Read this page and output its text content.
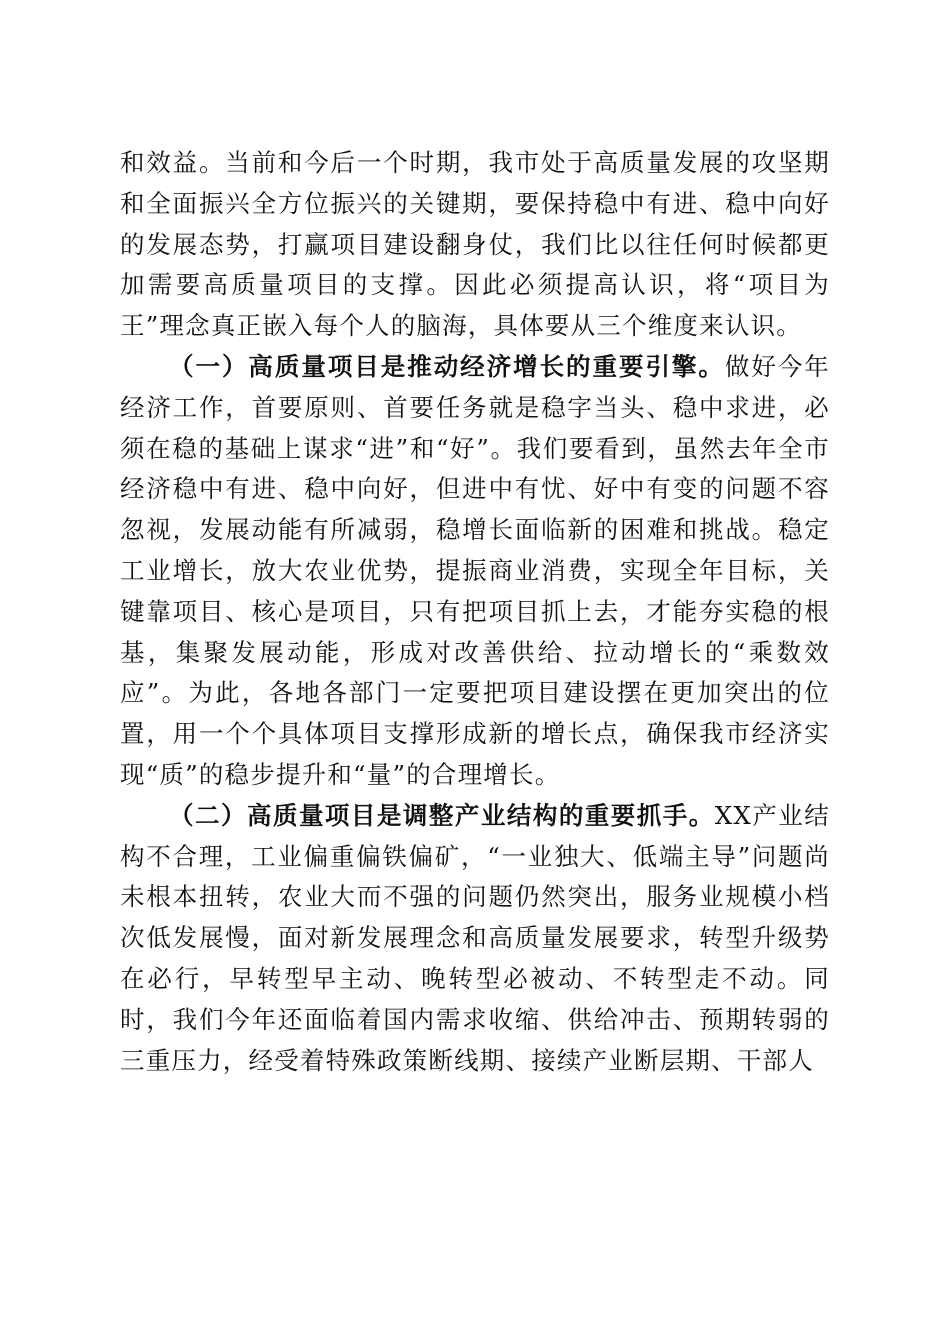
和效益。当前和今后一个时期，我市处于高质量发展的攻坚期和全面振兴全方位振兴的关键期，要保持稳中有进、稳中向好的发展态势，打赢项目建设翻身仗，我们比以往任何时候都更加需要高质量项目的支撑。因此必须提高认识，将“项目为王”理念真正嵌入每个人的脑海，具体要从三个维度来认识。

（一）高质量项目是推动经济增长的重要引擎。做好今年经济工作，首要原则、首要任务就是稳字当头、稳中求进，必须在稳的基础上谋求“进”和“好”。我们要看到，虽然去年全市经济稳中有进、稳中向好，但进中有忧、好中有变的问题不容忽视，发展动能有所减弱，稳增长面临新的困难和挑战。稳定工业增长，放大农业优势，提振商业消费，实现全年目标，关键靠项目、核心是项目，只有把项目抓上去，才能夯实稳的根基，集聚发展动能，形成对改善供给、拉动增长的“乘数效应”。为此，各地各部门一定要把项目建设摆在更加突出的位置，用一个个具体项目支撑形成新的增长点，确保我市经济实现“质”的稳步提升和“量”的合理增长。

（二）高质量项目是调整产业结构的重要抓手。XX产业结构不合理，工业偏重偏铁偏矿，“一业独大、低端主导”问题尚未根本扭转，农业大而不强的问题仍然突出，服务业规模小档次低发展慢，面对新发展理念和高质量发展要求，转型升级势在必行，早转型早主动、晚转型必被动、不转型走不动。同时，我们今年还面临着国内需求收缩、供给冲击、预期转弱的三重压力，经受着特殊政策断线期、接续产业断层期、干部人
